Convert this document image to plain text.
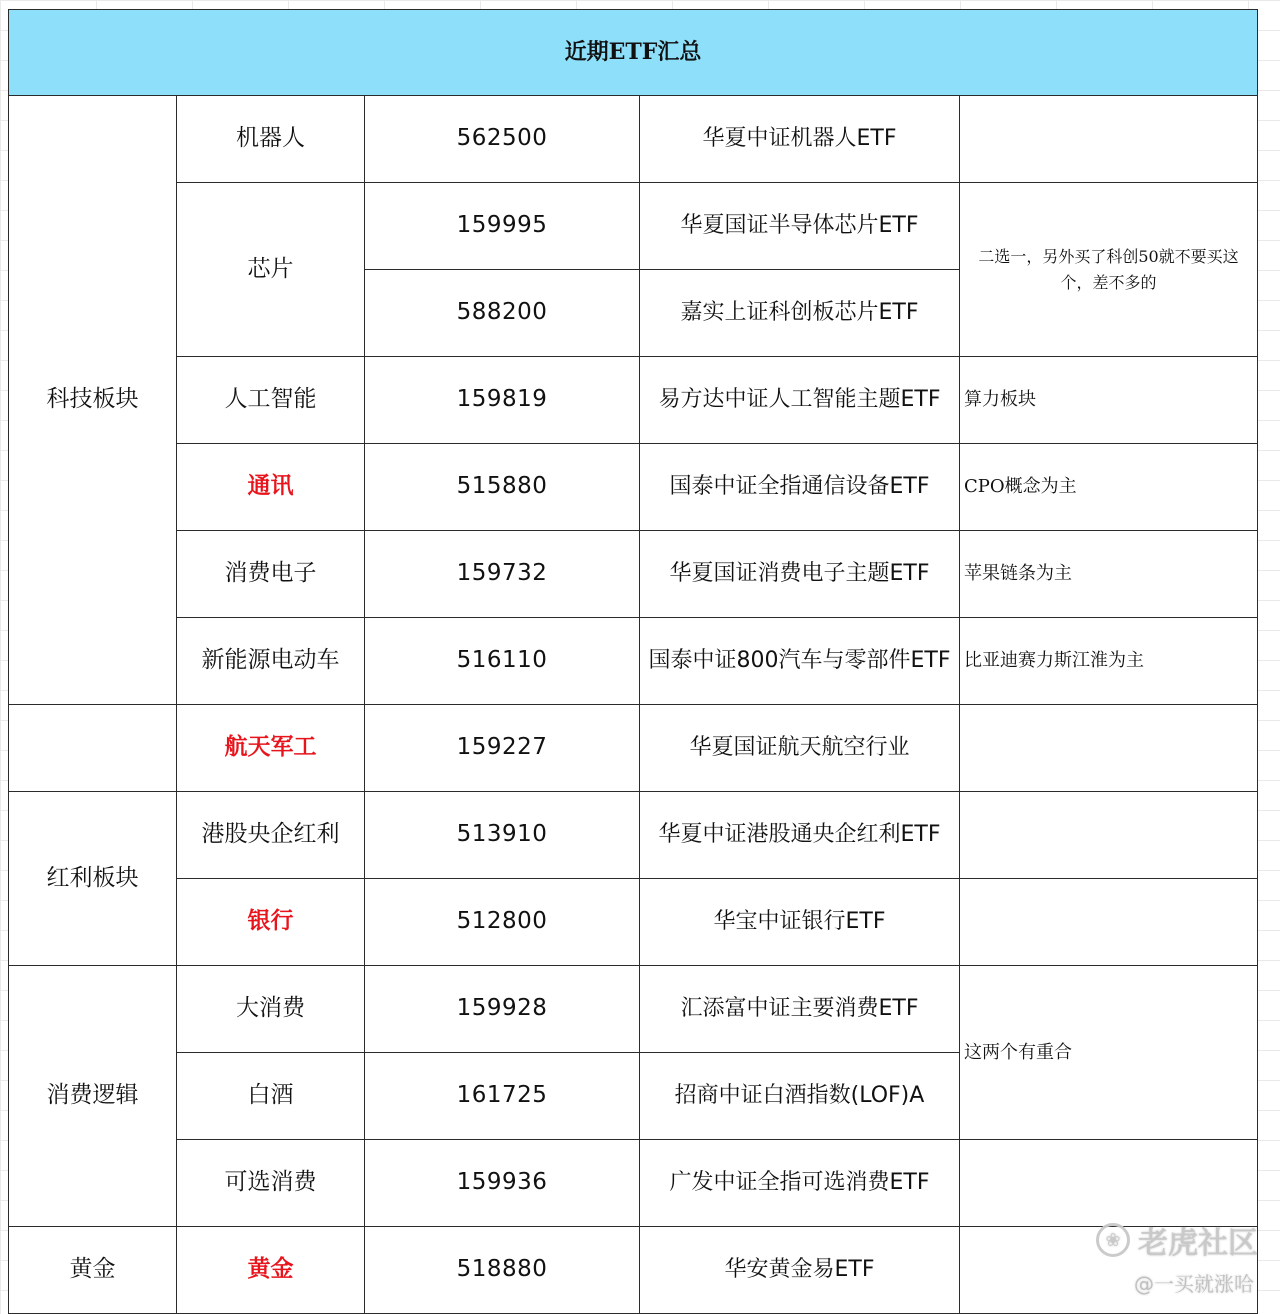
近期ETF汇总				
科技板块	机器人	562500	华夏中证机器人ETF	
	芯片	159995	华夏国证半导体芯片ETF	二选一，另外买了科创50就不要买这个，差不多的
		588200	嘉实上证科创板芯片ETF	
	人工智能	159819	易方达中证人工智能主题ETF	算力板块
	通讯	515880	国泰中证全指通信设备ETF	CPO概念为主
	消费电子	159732	华夏国证消费电子主题ETF	苹果链条为主
	新能源电动车	516110	国泰中证800汽车与零部件ETF	比亚迪赛力斯江淮为主
	航天军工	159227	华夏国证航天航空行业	
红利板块	港股央企红利	513910	华夏中证港股通央企红利ETF	
	银行	512800	华宝中证银行ETF	
消费逻辑	大消费	159928	汇添富中证主要消费ETF	这两个有重合
	白酒	161725	招商中证白酒指数(LOF)A	
	可选消费	159936	广发中证全指可选消费ETF	
黄金	黄金	518880	华安黄金易ETF	
❀ 老虎社区
@一买就涨哈
